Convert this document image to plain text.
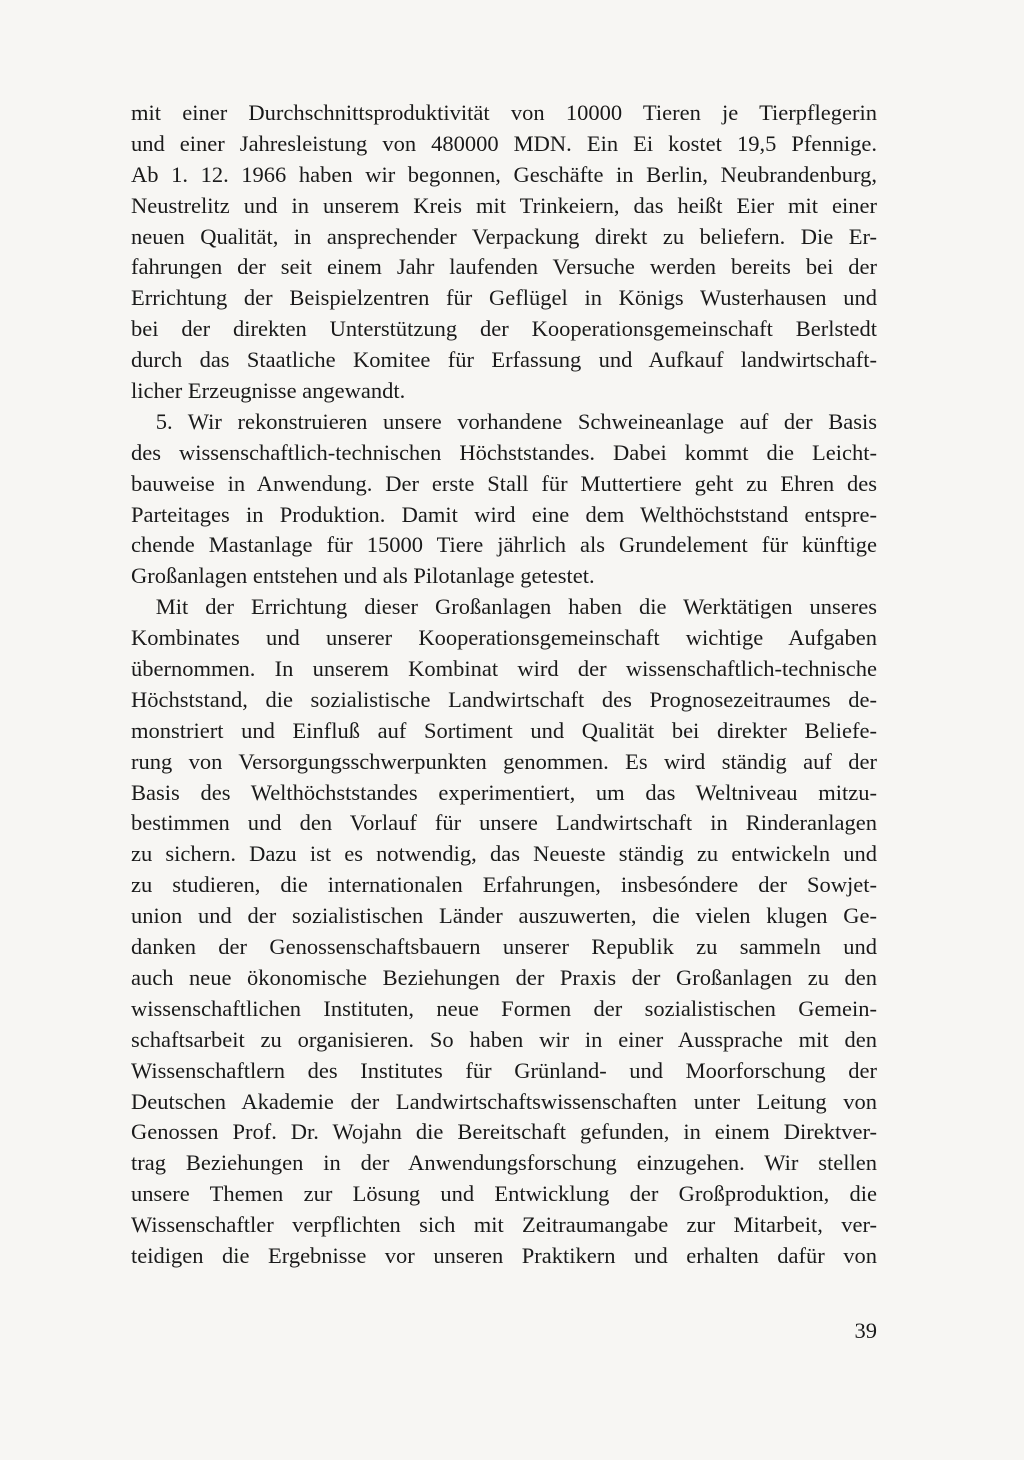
mit einer Durchschnittsproduktivität von 10000 Tieren je Tierpflegerin
und einer Jahresleistung von 480000 MDN. Ein Ei kostet 19,5 Pfennige.
Ab 1. 12. 1966 haben wir begonnen, Geschäfte in Berlin, Neubrandenburg,
Neustrelitz und in unserem Kreis mit Trinkeiern, das heißt Eier mit einer
neuen Qualität, in ansprechender Verpackung direkt zu beliefern. Die Er-
fahrungen der seit einem Jahr laufenden Versuche werden bereits bei der
Errichtung der Beispielzentren für Geflügel in Königs Wusterhausen und
bei der direkten Unterstützung der Kooperationsgemeinschaft Berlstedt
durch das Staatliche Komitee für Erfassung und Aufkauf landwirtschaft-
licher Erzeugnisse angewandt.
5. Wir rekonstruieren unsere vorhandene Schweineanlage auf der Basis
des wissenschaftlich-technischen Höchststandes. Dabei kommt die Leicht-
bauweise in Anwendung. Der erste Stall für Muttertiere geht zu Ehren des
Parteitages in Produktion. Damit wird eine dem Welthöchststand entspre-
chende Mastanlage für 15000 Tiere jährlich als Grundelement für künftige
Großanlagen entstehen und als Pilotanlage getestet.
Mit der Errichtung dieser Großanlagen haben die Werktätigen unseres
Kombinates und unserer Kooperationsgemeinschaft wichtige Aufgaben
übernommen. In unserem Kombinat wird der wissenschaftlich-technische
Höchststand, die sozialistische Landwirtschaft des Prognosezeitraumes de-
monstriert und Einfluß auf Sortiment und Qualität bei direkter Beliefe-
rung von Versorgungsschwerpunkten genommen. Es wird ständig auf der
Basis des Welthöchststandes experimentiert, um das Weltniveau mitzu-
bestimmen und den Vorlauf für unsere Landwirtschaft in Rinderanlagen
zu sichern. Dazu ist es notwendig, das Neueste ständig zu entwickeln und
zu studieren, die internationalen Erfahrungen, insbesóndere der Sowjet-
union und der sozialistischen Länder auszuwerten, die vielen klugen Ge-
danken der Genossenschaftsbauern unserer Republik zu sammeln und
auch neue ökonomische Beziehungen der Praxis der Großanlagen zu den
wissenschaftlichen Instituten, neue Formen der sozialistischen Gemein-
schaftsarbeit zu organisieren. So haben wir in einer Aussprache mit den
Wissenschaftlern des Institutes für Grünland- und Moorforschung der
Deutschen Akademie der Landwirtschaftswissenschaften unter Leitung von
Genossen Prof. Dr. Wojahn die Bereitschaft gefunden, in einem Direktver-
trag Beziehungen in der Anwendungsforschung einzugehen. Wir stellen
unsere Themen zur Lösung und Entwicklung der Großproduktion, die
Wissenschaftler verpflichten sich mit Zeitraumangabe zur Mitarbeit, ver-
teidigen die Ergebnisse vor unseren Praktikern und erhalten dafür von
39
